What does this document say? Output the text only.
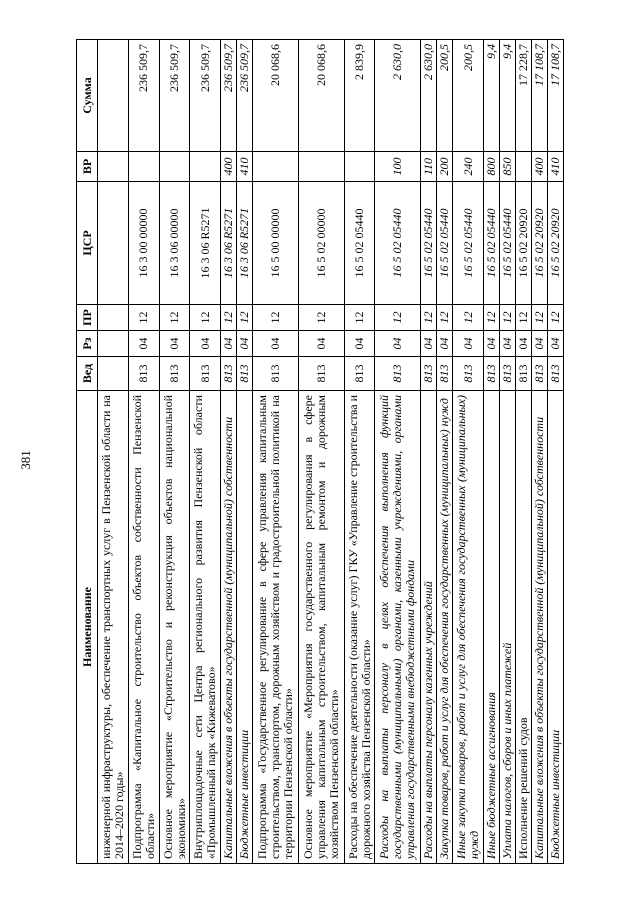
381
Наименование	Вед	Рз	ПР	ЦСР	ВР	Сумма
инженерной инфраструктуры, обеспечение транспортных услуг в Пензенской области на 2014–2020 годы»						
Подпрограмма «Капитальное строительство объектов собственности Пензенской области»	813	04	12	16 3 00 00000		236 509,7
Основное мероприятие «Строительство и реконструкция объектов национальной экономики»	813	04	12	16 3 06 00000		236 509,7
Внутриплощадочные сети Центра регионального развития Пензенской области «Промышленный парк «Кижеватово»	813	04	12	16 3 06 R5271		236 509,7
Капитальные вложения в объекты государственной (муниципальной) собственности	813	04	12	16 3 06 R5271	400	236 509,7
Бюджетные инвестиции	813	04	12	16 3 06 R5271	410	236 509,7
Подпрограмма «Государственное регулирование в сфере управления капитальным строительством, транспортом, дорожным хозяйством и градостроительной политикой на территории Пензенской области»	813	04	12	16 5 00 00000		20 068,6
Основное мероприятие «Мероприятия государственного регулирования в сфере управления капитальным строительством, капитальным ремонтом и дорожным хозяйством Пензенской области»	813	04	12	16 5 02 00000		20 068,6
Расходы на обеспечение деятельности (оказание услуг) ГКУ «Управление строительства и дорожного хозяйства Пензенской области»	813	04	12	16 5 02 05440		2 839,9
Расходы на выплаты персоналу в целях обеспечения выполнения функций государственными (муниципальными) органами, казенными учреждениями, органами управления государственными внебюджетными фондами	813	04	12	16 5 02 05440	100	2 630,0
Расходы на выплаты персоналу казенных учреждений	813	04	12	16 5 02 05440	110	2 630,0
Закупка товаров, работ и услуг для обеспечения государственных (муниципальных) нужд	813	04	12	16 5 02 05440	200	200,5
Иные закупки товаров, работ и услуг для обеспечения государственных (муниципальных) нужд	813	04	12	16 5 02 05440	240	200,5
Иные бюджетные ассигнования	813	04	12	16 5 02 05440	800	9,4
Уплата налогов, сборов и иных платежей	813	04	12	16 5 02 05440	850	9,4
Исполнение решений судов	813	04	12	16 5 02 20920		17 228,7
Капитальные вложения в объекты государственной (муниципальной) собственности	813	04	12	16 5 02 20920	400	17 108,7
Бюджетные инвестиции	813	04	12	16 5 02 20920	410	17 108,7
